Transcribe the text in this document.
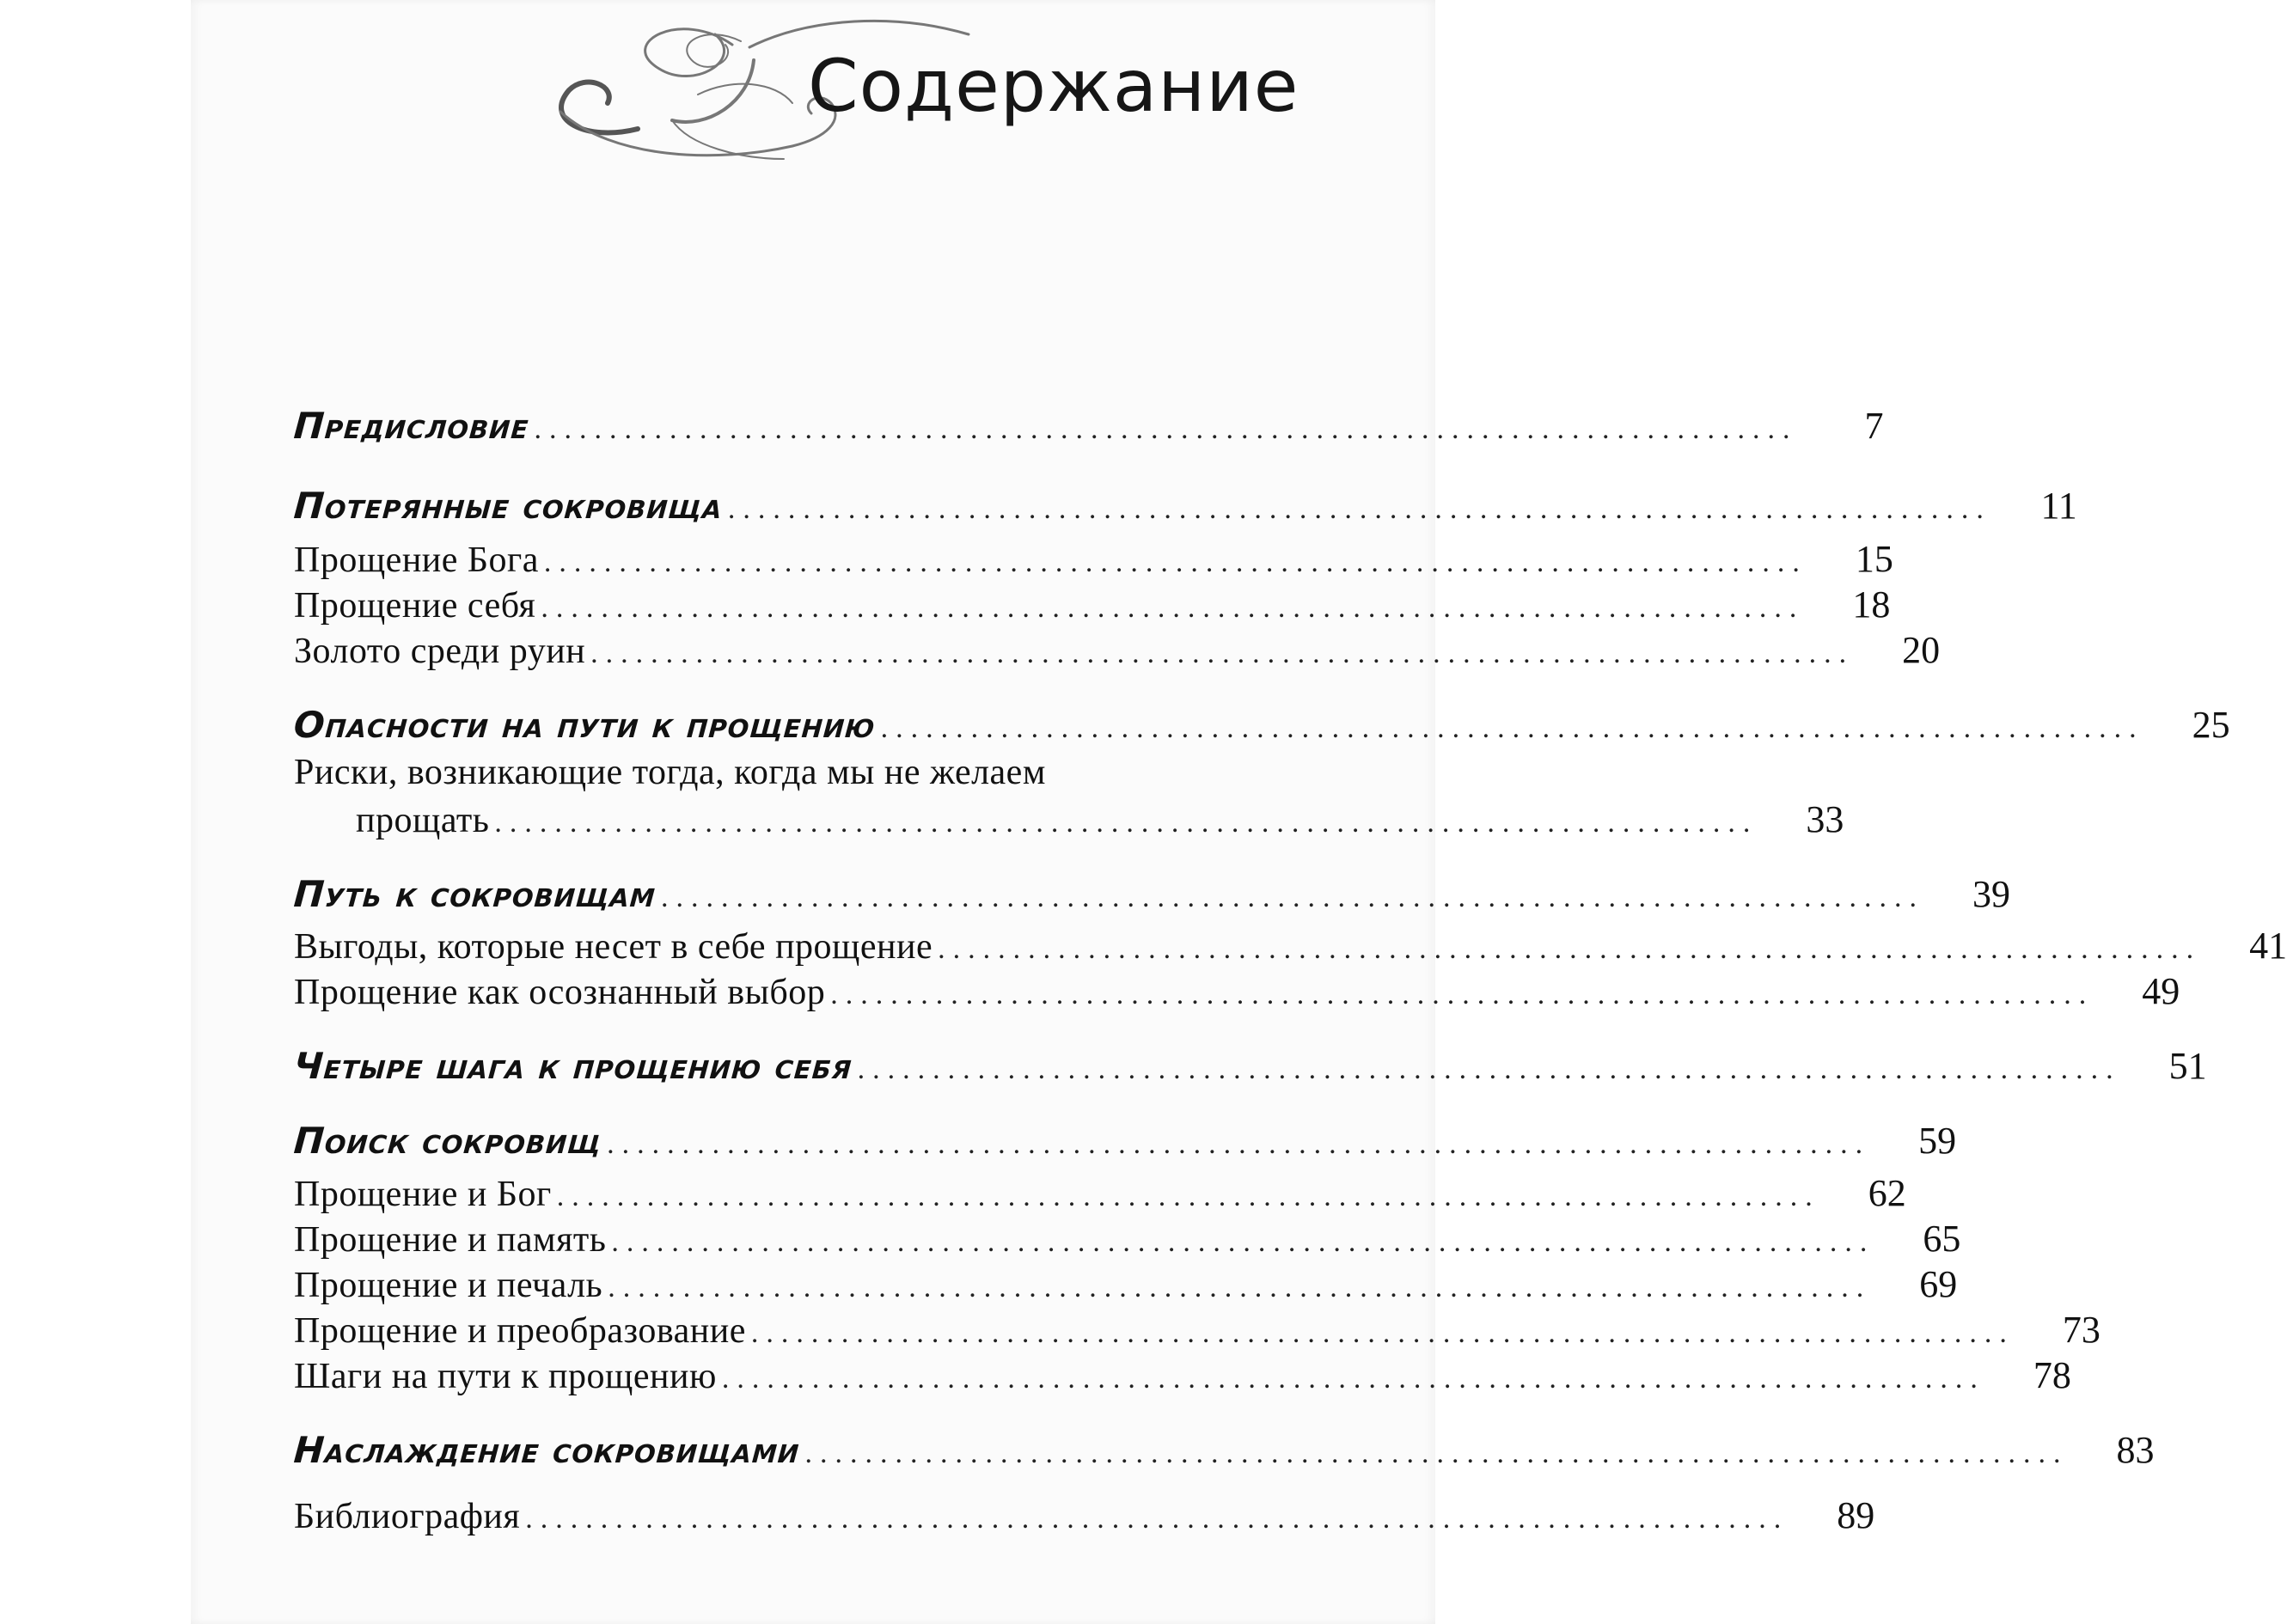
Содержание
Предисловие ....................................................................................	7
Потерянные сокровища ....................................................................................	11
Прощение Бога ....................................................................................	15
Прощение себя ....................................................................................	18
Золото среди руин ....................................................................................	20
Опасности на пути к прощению ....................................................................................	25
Риски, возникающие тогда, когда мы не желаем
прощать ....................................................................................	33
Путь к сокровищам ....................................................................................	39
Выгоды, которые несет в себе прощение ....................................................................................	41
Прощение как осознанный выбор ....................................................................................	49
Четыре шага к прощению себя ....................................................................................	51
Поиск сокровищ ....................................................................................	59
Прощение и Бог ....................................................................................	62
Прощение и память ....................................................................................	65
Прощение и печаль ....................................................................................	69
Прощение и преобразование ....................................................................................	73
Шаги на пути к прощению ....................................................................................	78
Наслаждение сокровищами ....................................................................................	83
Библиография ....................................................................................	89
